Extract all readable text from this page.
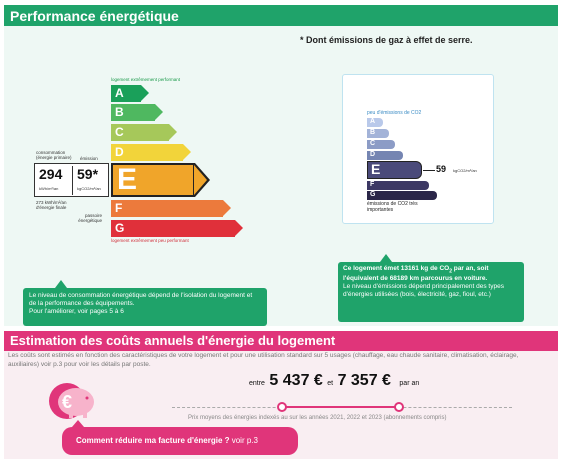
Performance énergétique
* Dont émissions de gaz à effet de serre.
logement extrêmement performant
A
B
C
D
E
F
G
logement extrêmement peu performant
consommation (énergie primaire)	émission
294
kWh/m²/an
59*
kgCO2/m²/an
273 kWh/m²/an d'énergie finale
passoire énergétique
peu d'émissions de CO2
A
B
C
D
E	59 kgCO2/m²/an
F
G
émissions de CO2 très importantes
Le niveau de consommation énergétique dépend de l'isolation du logement et de la performance des équipements.
Pour l'améliorer, voir pages 5 à 6
Ce logement émet 13161 kg de $CO_2$ par an, soit l'équivalent de 68189 km parcourus en voiture.
Le niveau d'émissions dépend principalement des types d'énergies utilisées (bois, électricité, gaz, fioul, etc.)
Estimation des coûts annuels d'énergie du logement
Les coûts sont estimés en fonction des caractéristiques de votre logement et pour une utilisation standard sur 5 usages (chauffage, eau chaude sanitaire, climatisation, éclairage, auxiliaires) voir p.3 pour voir les détails par poste.
€
entre 5 437 € et 7 357 € par an
Prix moyens des énergies indexés au sur les années 2021, 2022 et 2023 (abonnements compris)
Comment réduire ma facture d'énergie ? voir p.3
